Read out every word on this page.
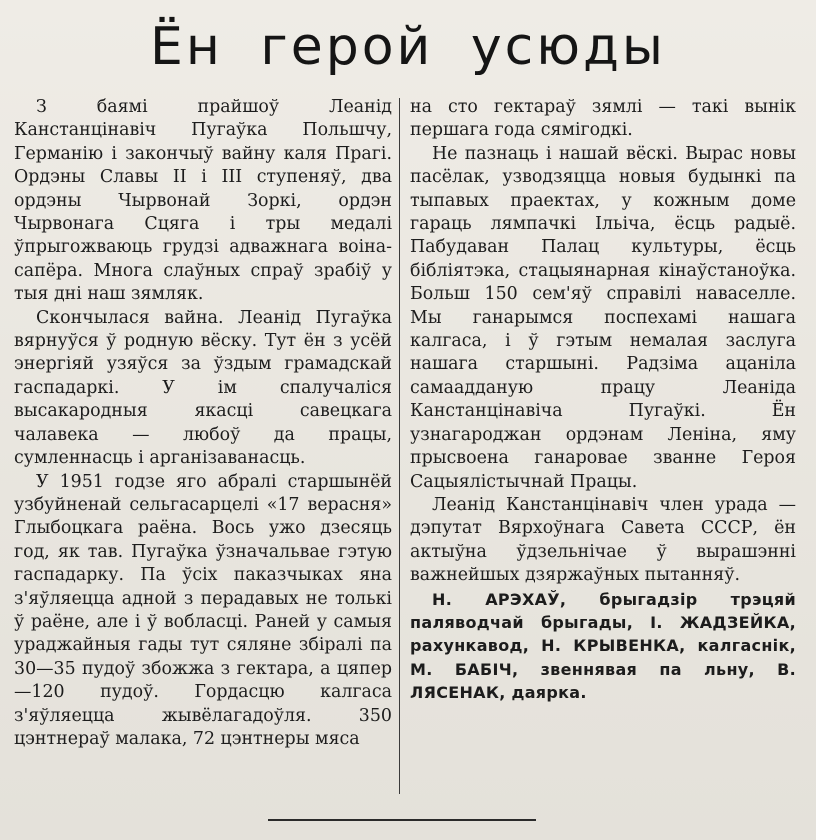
Ён герой усюды

З баямі прайшоў Леанід Канстанцінавіч Пугаўка Польшчу, Германію і закончыў вайну каля Прагі. Ордэны Славы II і III ступеняў, два ордэны Чырвонай Зоркі, ордэн Чырвонага Сцяга і тры медалі ўпрыгожваюць грудзі адважнага воіна-сапёра. Многа слаўных спраў зрабіў у тыя дні наш зямляк.

Скончылася вайна. Леанід Пугаўка вярнуўся ў родную вёску. Тут ён з усёй энергіяй узяўся за ўздым грамадскай гаспадаркі. У ім спалучаліся высакародныя якасці савецкага чалавека — любоў да працы, сумленнасць і арганізаванасць.

У 1951 годзе яго абралі старшынёй узбуйненай сельгасарцелі «17 верасня» Глыбоцкага раёна. Вось ужо дзесяць год, як тав. Пугаўка ўзначальвае гэтую гаспадарку. Па ўсіх паказчыках яна з'яўляецца адной з перадавых не толькі ў раёне, але і ў вобласці. Раней у самыя ураджайныя гады тут сяляне збіралі па 30—35 пудоў збожжа з гектара, а цяпер—120 пудоў. Гордасцю калгаса з'яўляецца жывёлагадоўля. 350 цэнтнераў малака, 72 цэнтнеры мяса

на сто гектараў зямлі — такі вынік першага года сямігодкі.

Не пазнаць і нашай вёскі. Вырас новы пасёлак, узводзяцца новыя будынкі па тыпавых праектах, у кожным доме гараць лямпачкі Ільіча, ёсць радыё. Пабудаван Палац культуры, ёсць бібліятэка, стацыянарная кінаўстаноўка. Больш 150 сем'яў справілі наваселле. Мы ганарымся поспехамі нашага калгаса, і ў гэтым немалая заслуга нашага старшыні. Радзіма ацаніла самаадданую працу Леаніда Канстанцінавіча Пугаўкі. Ён узнагароджан ордэнам Леніна, яму прысвоена ганаровае званне Героя Сацыялістычнай Працы.

Леанід Канстанцінавіч член урада — дэпутат Вярхоўнага Савета СССР, ён актыўна ўдзельнічае ў вырашэнні важнейшых дзяржаўных пытанняў.

Н. АРЭХАЎ, брыгадзір трэцяй паляводчай брыгады, І. ЖАДЗЕЙКА, рахункавод, Н. КРЫВЕНКА, калгаснік, М. БАБІЧ, звеннявая па льну, В. ЛЯСЕНАК, даярка.
